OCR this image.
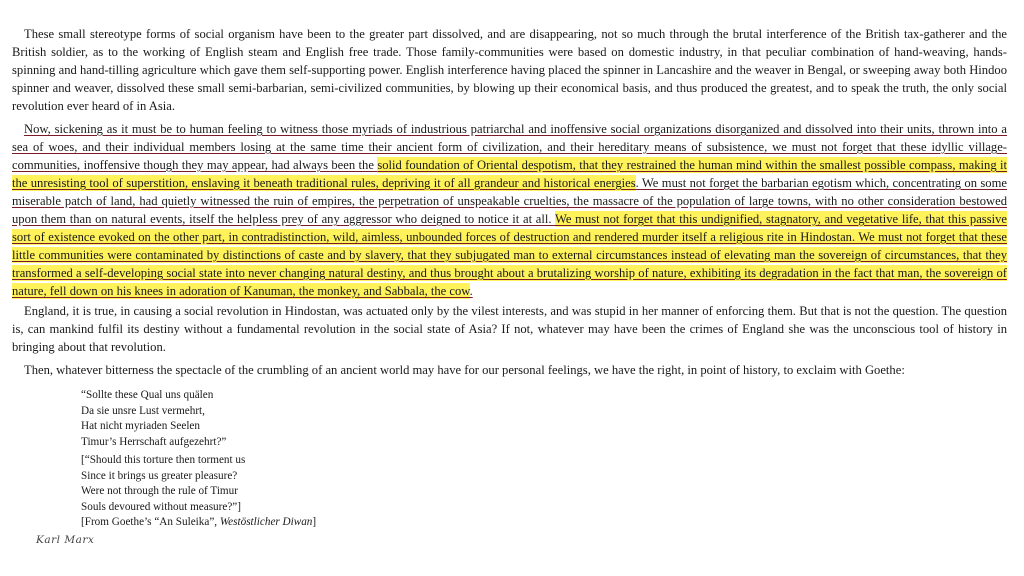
These small stereotype forms of social organism have been to the greater part dissolved, and are disappearing, not so much through the brutal interference of the British tax-gatherer and the British soldier, as to the working of English steam and English free trade. Those family-communities were based on domestic industry, in that peculiar combination of hand-weaving, hands-spinning and hand-tilling agriculture which gave them self-supporting power. English interference having placed the spinner in Lancashire and the weaver in Bengal, or sweeping away both Hindoo spinner and weaver, dissolved these small semi-barbarian, semi-civilized communities, by blowing up their economical basis, and thus produced the greatest, and to speak the truth, the only social revolution ever heard of in Asia.

Now, sickening as it must be to human feeling to witness those myriads of industrious patriarchal and inoffensive social organizations disorganized and dissolved into their units, thrown into a sea of woes, and their individual members losing at the same time their ancient form of civilization, and their hereditary means of subsistence, we must not forget that these idyllic village-communities, inoffensive though they may appear, had always been the solid foundation of Oriental despotism, that they restrained the human mind within the smallest possible compass, making it the unresisting tool of superstition, enslaving it beneath traditional rules, depriving it of all grandeur and historical energies. We must not forget the barbarian egotism which, concentrating on some miserable patch of land, had quietly witnessed the ruin of empires, the perpetration of unspeakable cruelties, the massacre of the population of large towns, with no other consideration bestowed upon them than on natural events, itself the helpless prey of any aggressor who deigned to notice it at all. We must not forget that this undignified, stagnatory, and vegetative life, that this passive sort of existence evoked on the other part, in contradistinction, wild, aimless, unbounded forces of destruction and rendered murder itself a religious rite in Hindostan. We must not forget that these little communities were contaminated by distinctions of caste and by slavery, that they subjugated man to external circumstances instead of elevating man the sovereign of circumstances, that they transformed a self-developing social state into never changing natural destiny, and thus brought about a brutalizing worship of nature, exhibiting its degradation in the fact that man, the sovereign of nature, fell down on his knees in adoration of Kanuman, the monkey, and Sabbala, the cow.

England, it is true, in causing a social revolution in Hindostan, was actuated only by the vilest interests, and was stupid in her manner of enforcing them. But that is not the question. The question is, can mankind fulfil its destiny without a fundamental revolution in the social state of Asia? If not, whatever may have been the crimes of England she was the unconscious tool of history in bringing about that revolution.

Then, whatever bitterness the spectacle of the crumbling of an ancient world may have for our personal feelings, we have the right, in point of history, to exclaim with Goethe:

“Sollte these Qual uns quälen
Da sie unsre Lust vermehrt,
Hat nicht myriaden Seelen
Timur’s Herrschaft aufgezehrt?”
[“Should this torture then torment us
Since it brings us greater pleasure?
Were not through the rule of Timur
Souls devoured without measure?”]
[From Goethe’s “An Suleika”, Westöstlicher Diwan]
Karl Marx
